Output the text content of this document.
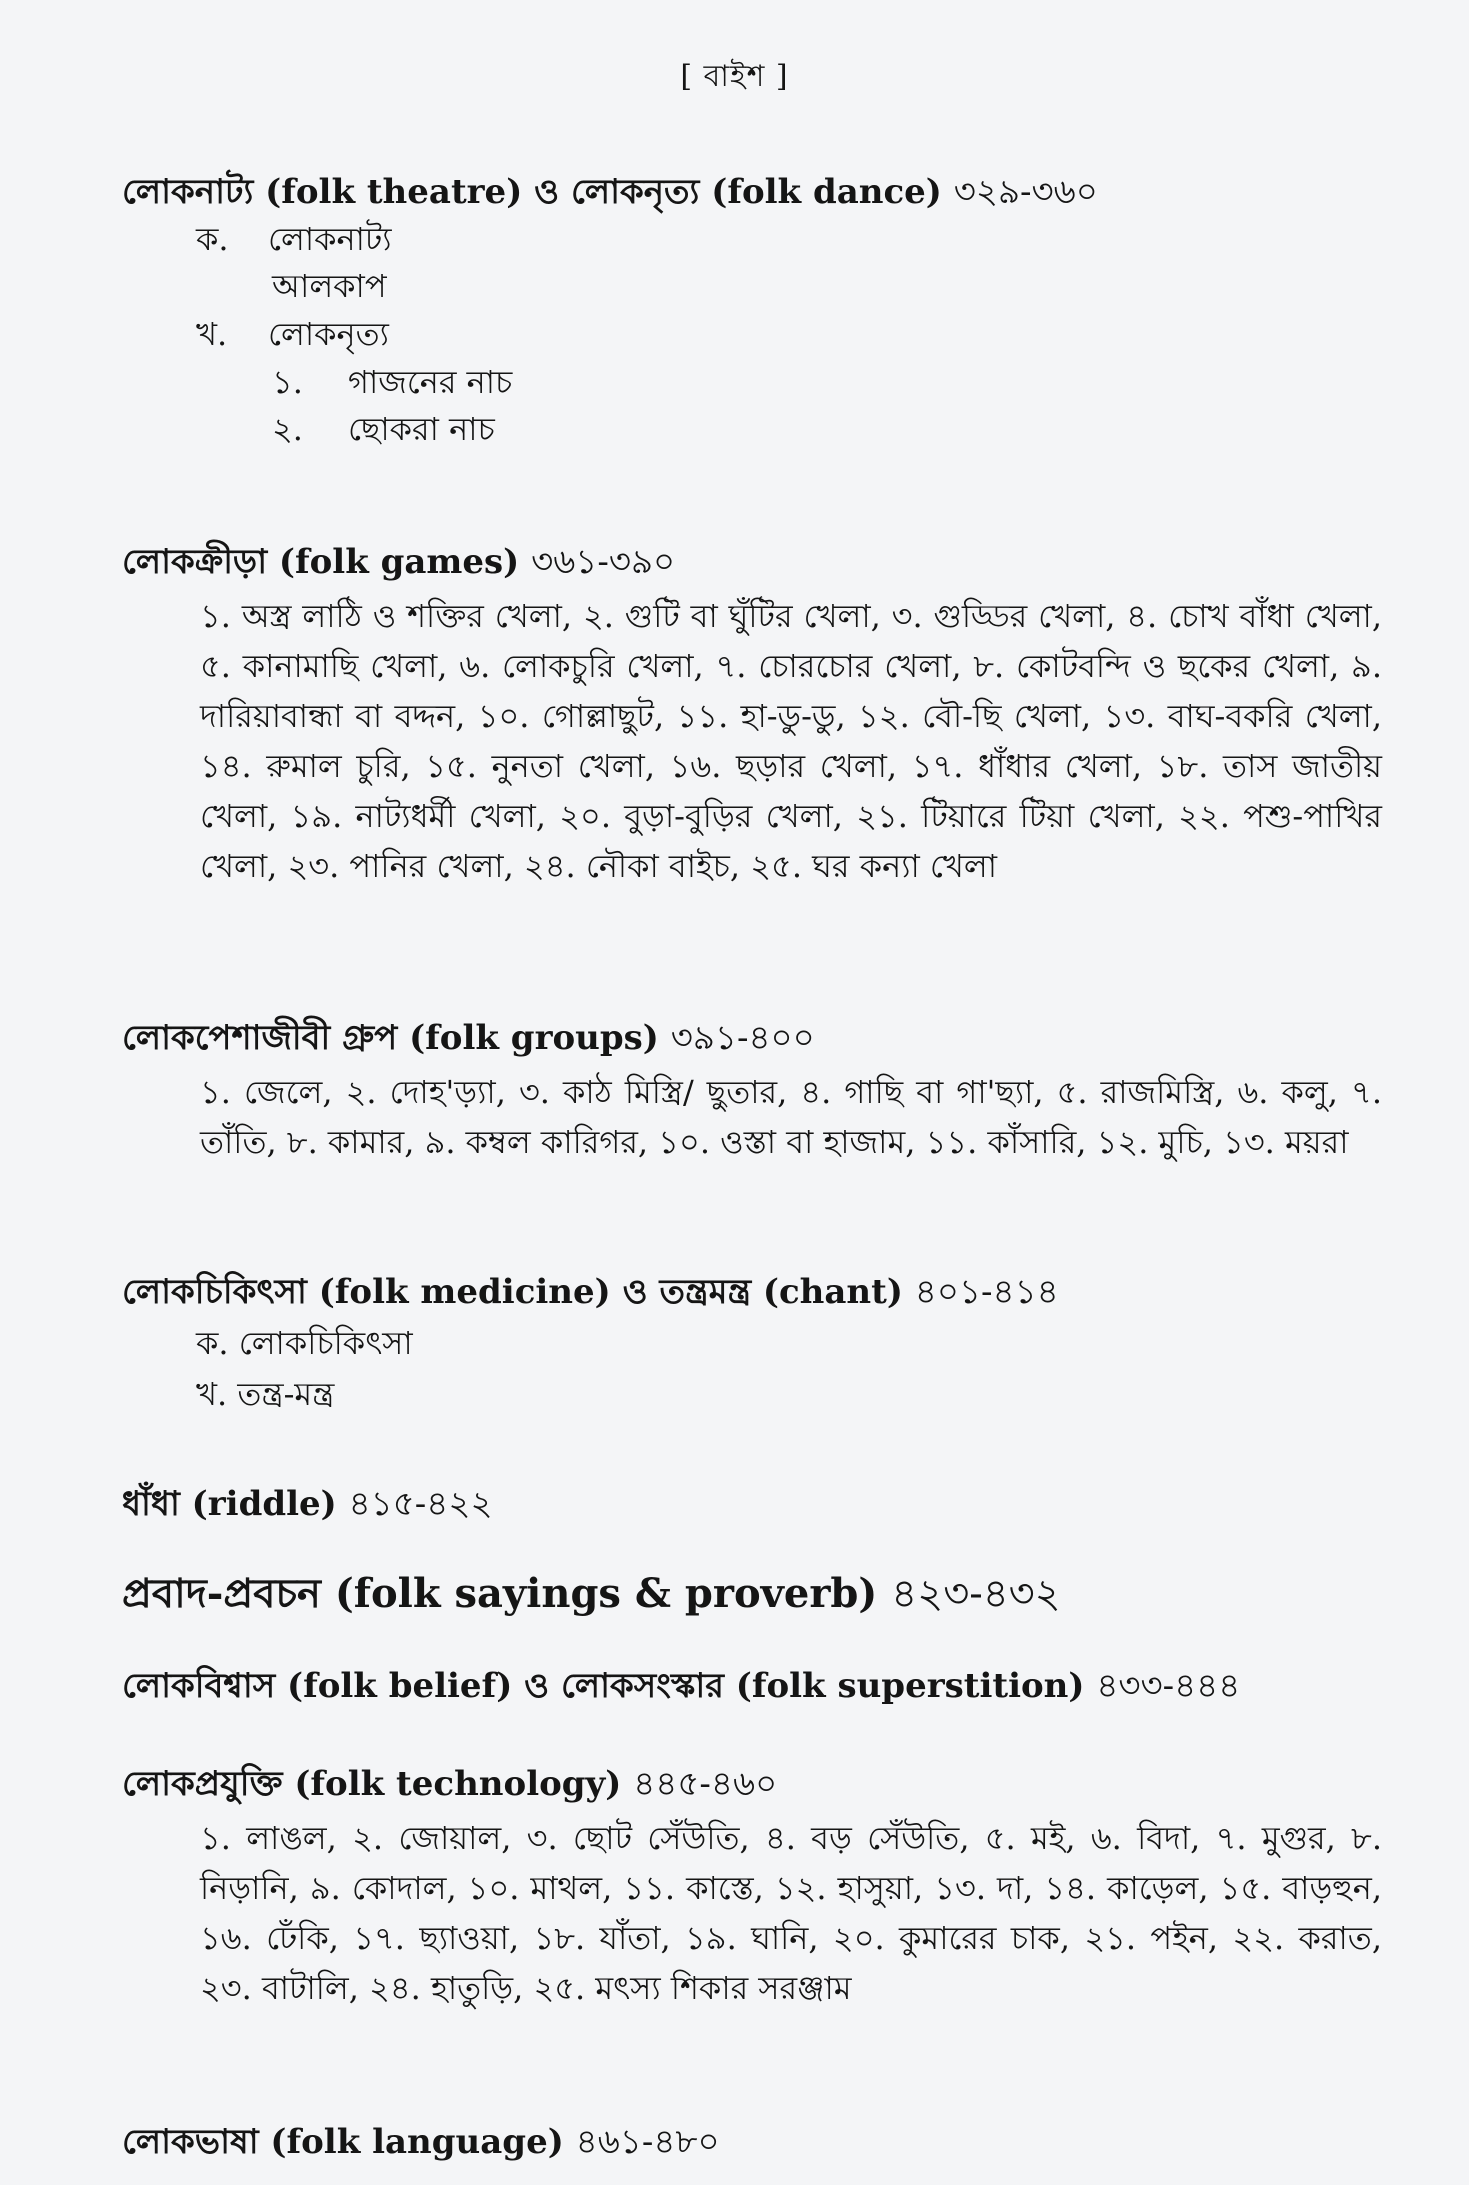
[ বাইশ ]
লোকনাট্য (folk theatre) ও লোকনৃত্য (folk dance) ৩২৯-৩৬০
ক. লোকনাট্য
আলকাপ
খ. লোকনৃত্য
১. গাজনের নাচ
২. ছোকরা নাচ
লোকক্রীড়া (folk games) ৩৬১-৩৯০
১. অস্ত্র লাঠি ও শক্তির খেলা, ২. গুটি বা ঘুঁটির খেলা, ৩. গুড্ডির খেলা, ৪. চোখ বাঁধা খেলা, ৫. কানামাছি খেলা, ৬. লোকচুরি খেলা, ৭. চোরচোর খেলা, ৮. কোটবন্দি ও ছকের খেলা, ৯. দারিয়াবান্ধা বা বদ্দন, ১০. গোল্লাছুট, ১১. হা-ডু-ডু, ১২. বৌ-ছি খেলা, ১৩. বাঘ-বকরি খেলা, ১৪. রুমাল চুরি, ১৫. নুনতা খেলা, ১৬. ছড়ার খেলা, ১৭. ধাঁধার খেলা, ১৮. তাস জাতীয় খেলা, ১৯. নাট্যধর্মী খেলা, ২০. বুড়া-বুড়ির খেলা, ২১. টিয়ারে টিয়া খেলা, ২২. পশু-পাখির খেলা, ২৩. পানির খেলা, ২৪. নৌকা বাইচ, ২৫. ঘর কন্যা খেলা
লোকপেশাজীবী গ্রুপ (folk groups) ৩৯১-৪০০
১. জেলে, ২. দোহ'ড়্যা, ৩. কাঠ মিস্ত্রি/ ছুতার, ৪. গাছি বা গা'ছ্যা, ৫. রাজমিস্ত্রি, ৬. কলু, ৭. তাঁতি, ৮. কামার, ৯. কম্বল কারিগর, ১০. ওস্তা বা হাজাম, ১১. কাঁসারি, ১২. মুচি, ১৩. ময়রা
লোকচিকিৎসা (folk medicine) ও তন্ত্রমন্ত্র (chant) ৪০১-৪১৪
ক. লোকচিকিৎসা
খ. তন্ত্র-মন্ত্র
ধাঁধা (riddle) ৪১৫-৪২২
প্রবাদ-প্রবচন (folk sayings & proverb) ৪২৩-৪৩২
লোকবিশ্বাস (folk belief) ও লোকসংস্কার (folk superstition) ৪৩৩-৪৪৪
লোকপ্রযুক্তি (folk technology) ৪৪৫-৪৬০
১. লাঙল, ২. জোয়াল, ৩. ছোট সেঁউতি, ৪. বড় সেঁউতি, ৫. মই, ৬. বিদা, ৭. মুগুর, ৮. নিড়ানি, ৯. কোদাল, ১০. মাথল, ১১. কাস্তে, ১২. হাসুয়া, ১৩. দা, ১৪. কাড়েল, ১৫. বাড়হুন, ১৬. ঢেঁকি, ১৭. ছ্যাওয়া, ১৮. যাঁতা, ১৯. ঘানি, ২০. কুমারের চাক, ২১. পইন, ২২. করাত, ২৩. বাটালি, ২৪. হাতুড়ি, ২৫. মৎস্য শিকার সরঞ্জাম
লোকভাষা (folk language) ৪৬১-৪৮০
